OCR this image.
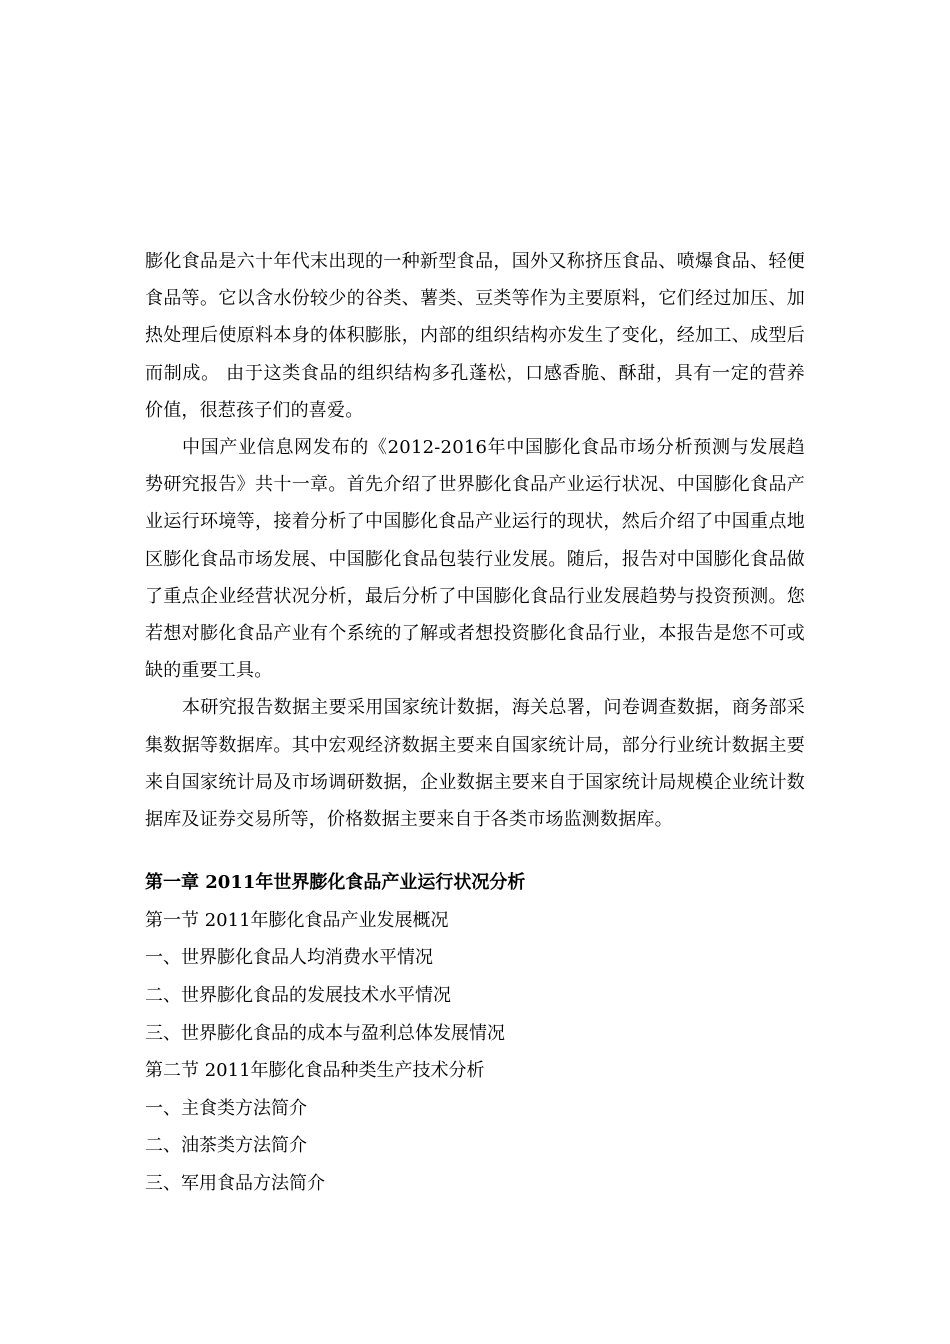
膨化食品是六十年代末出现的一种新型食品，国外又称挤压食品、喷爆食品、轻便食品等。它以含水份较少的谷类、薯类、豆类等作为主要原料，它们经过加压、加热处理后使原料本身的体积膨胀，内部的组织结构亦发生了变化，经加工、成型后而制成。 由于这类食品的组织结构多孔蓬松，口感香脆、酥甜，具有一定的营养价值，很惹孩子们的喜爱。

中国产业信息网发布的《2012-2016年中国膨化食品市场分析预测与发展趋势研究报告》共十一章。首先介绍了世界膨化食品产业运行状况、中国膨化食品产业运行环境等，接着分析了中国膨化食品产业运行的现状，然后介绍了中国重点地区膨化食品市场发展、中国膨化食品包装行业发展。随后，报告对中国膨化食品做了重点企业经营状况分析，最后分析了中国膨化食品行业发展趋势与投资预测。您若想对膨化食品产业有个系统的了解或者想投资膨化食品行业，本报告是您不可或缺的重要工具。

本研究报告数据主要采用国家统计数据，海关总署，问卷调查数据，商务部采集数据等数据库。其中宏观经济数据主要来自国家统计局，部分行业统计数据主要来自国家统计局及市场调研数据，企业数据主要来自于国家统计局规模企业统计数据库及证券交易所等，价格数据主要来自于各类市场监测数据库。

第一章 2011年世界膨化食品产业运行状况分析
第一节 2011年膨化食品产业发展概况
一、世界膨化食品人均消费水平情况
二、世界膨化食品的发展技术水平情况
三、世界膨化食品的成本与盈利总体发展情况
第二节 2011年膨化食品种类生产技术分析
一、主食类方法简介
二、油茶类方法简介
三、军用食品方法简介
